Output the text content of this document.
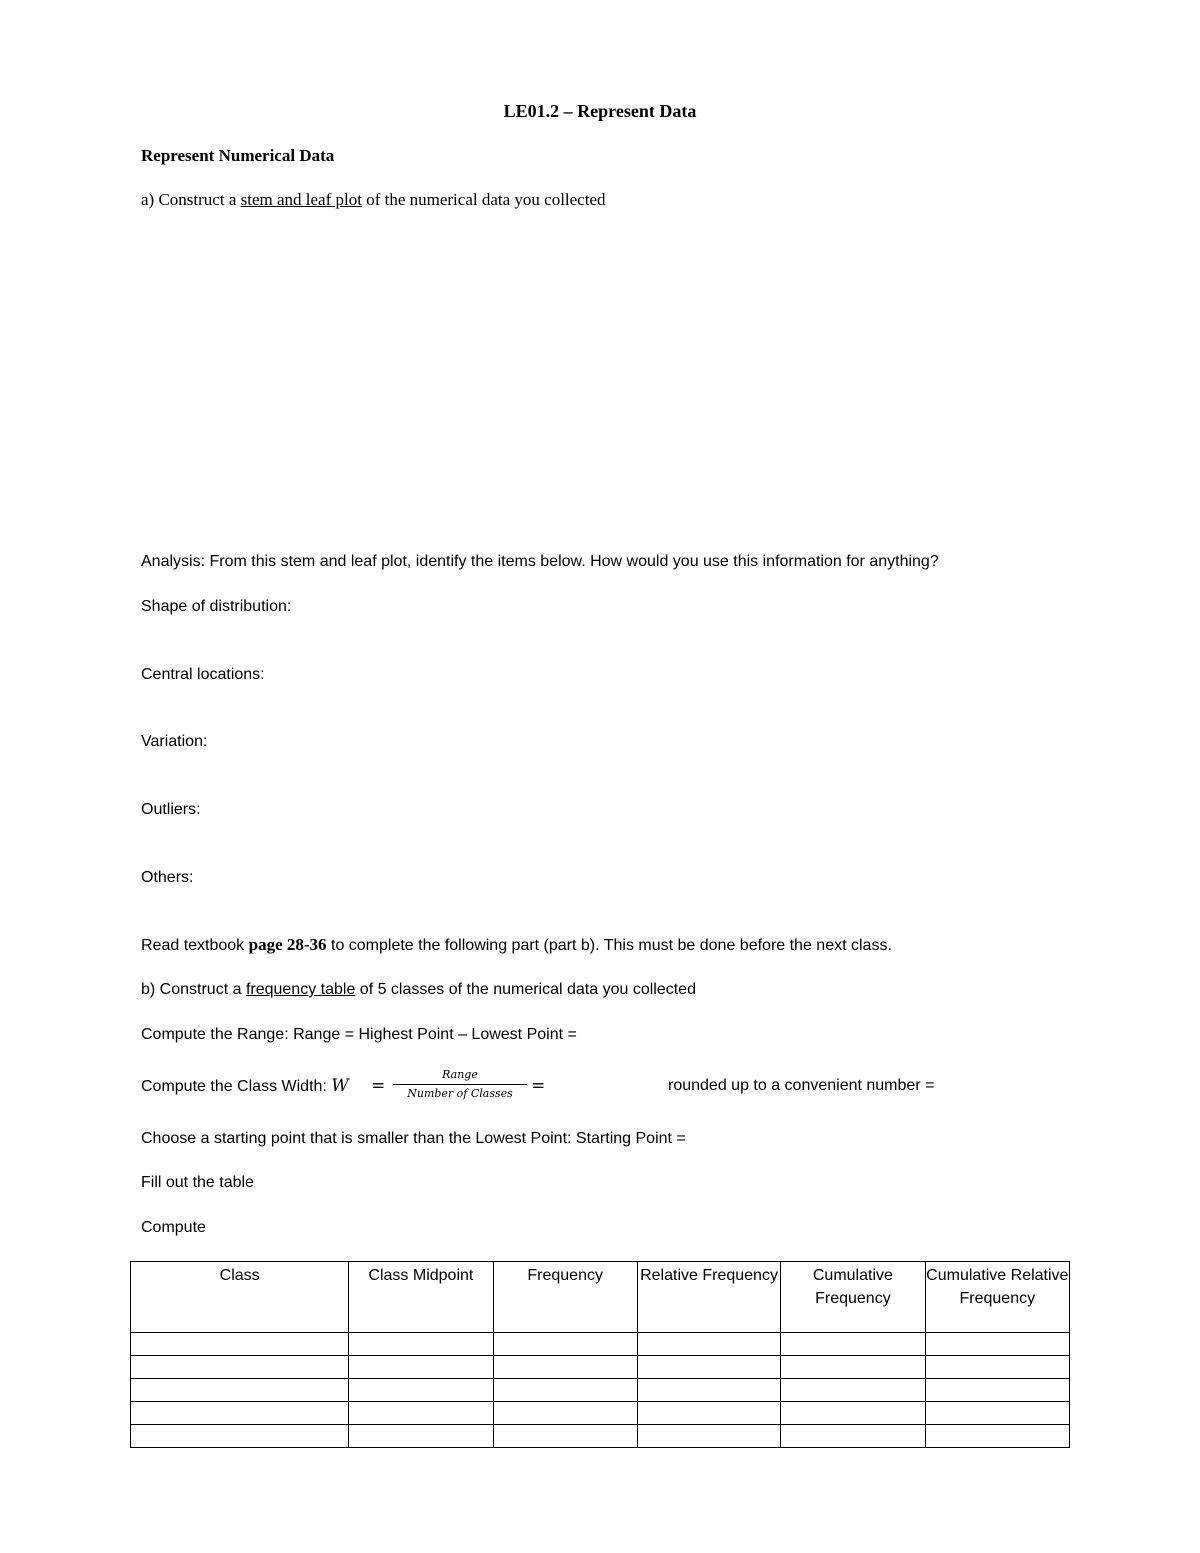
LE01.2 – Represent Data
Represent Numerical Data
a) Construct a stem and leaf plot of the numerical data you collected
Analysis: From this stem and leaf plot, identify the items below. How would you use this information for anything?
Shape of distribution:
Central locations:
Variation:
Outliers:
Others:
Read textbook page 28-36 to complete the following part (part b). This must be done before the next class.
b) Construct a frequency table of 5 classes of the numerical data you collected
Compute the Range: Range = Highest Point – Lowest Point =
Compute the Class Width: W =
Range
Number of Classes	=	rounded up to a convenient number =
Choose a starting point that is smaller than the Lowest Point: Starting Point =
Fill out the table
Compute
Class	Class Midpoint	Frequency	Relative Frequency	Cumulative Frequency	Cumulative Relative Frequency
